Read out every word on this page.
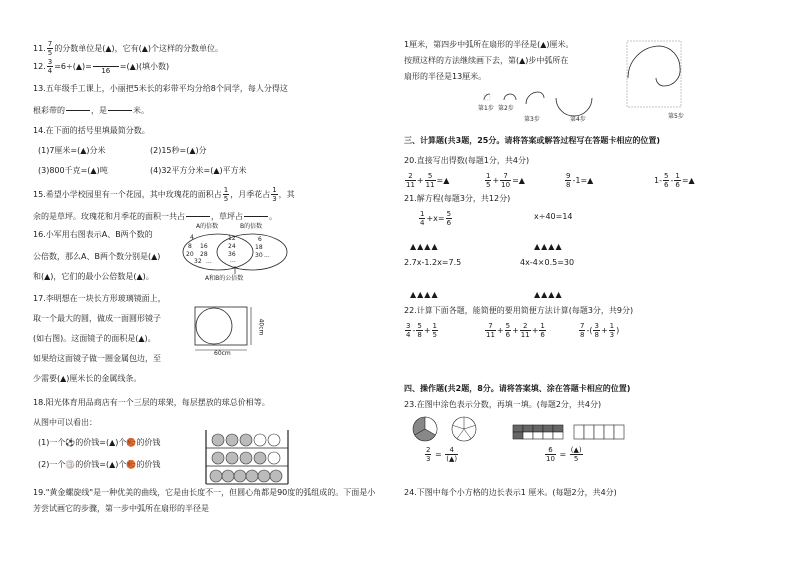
11. $\frac{7}{5}$ 的分数单位是(▲)，它有(▲)个这样的分数单位。
12. $\frac{3}{4}$ =6÷(▲)=
	16	=(▲)(填小数)
13.五年级手工课上，小丽把5米长的彩带平均分给8个同学，每人分得这
根彩带的

	，是

	米。
14.在下面的括号里填最简分数。
(1)7厘米=(▲)分米	(2)15秒=(▲)分
(3)800千克=(▲)吨	(4)32平方分米=(▲)平方米
15.希望小学校园里有一个花园，其中玫瑰花的面积占 $\frac{1}{5}$ ，月季花占 $\frac{1}{3}$ ，其
余的是草坪。玫瑰花和月季花的面积一共占

	，草坪占

	。
16.小军用右图表示A、B两个数的
公倍数，那么A、B两个数分别是(▲)
和(▲)，它们的最小公倍数是(▲)。
A的倍数	B的倍数
4
8 16
20 28
32 ...
12
24
36
...
6
18
30 ...
A和B的公倍数
17.李明想在一块长方形玻璃镜面上，
取一个最大的圆，做成一面圆形镜子
(如右图)。这面镜子的面积是(▲)。
如果给这面镜子做一圈金属包边，至
少需要(▲)厘米长的金属线条。
60cm
40cm
18.阳光体育用品商店有一个三层的球架，每层摆放的球总价相等。
从图中可以看出：
(1)一个⚽的价钱=(▲)个🏀的价钱
(2)一个🏐的价钱=(▲)个🏀的价钱
19."黄金螺旋线"是一种优美的曲线，它是由长度不一，但圆心角都是90度的弧组成的。下面是小
芳尝试画它的步骤，第一步中弧所在扇形的半径是
1厘米，第四步中弧所在扇形的半径是(▲)厘米。
按照这样的方法继续画下去，第(▲)步中弧所在
扇形的半径是13厘米。
第1步 第2步
第3步	第4步	第5步
三、计算题(共3题，25分。请将答案或解答过程写在答题卡相应的位置)
20.直接写出得数(每题1分，共4分)
$\frac{2}{11} + \frac{5}{11}$ =▲	$\frac{1}{5} + \frac{7}{10}$ =▲	$\frac{9}{8}$ -1=▲	$1- \frac{5}{6} - \frac{1}{6}$ =▲
21.解方程(每题3分，共12分)
$\frac{1}{4} +x= \frac{5}{6}$	x÷40=14
▲▲▲▲	▲▲▲▲
2.7x-1.2x=7.5	4x-4×0.5=30
▲▲▲▲	▲▲▲▲
22.计算下面各题，能简便的要用简便方法计算(每题3分，共9分)
$\frac{3}{4} - \frac{5}{8} + \frac{1}{5}$	$\frac{7}{11} + \frac{5}{6} + \frac{2}{11} + \frac{1}{6}$	$\frac{7}{8}$ -( $\frac{3}{8} + \frac{1}{3}$ )
四、操作题(共2题，8分。请将答案填、涂在答题卡相应的位置)
23.在图中涂色表示分数，再填一填。(每题2分，共4分)
$\frac{2}{3} = \frac{4}{(▲)}$	$\frac{6}{10} = \frac{(▲)}{5}$
24.下图中每个小方格的边长表示1 厘米。(每题2分，共4分)
